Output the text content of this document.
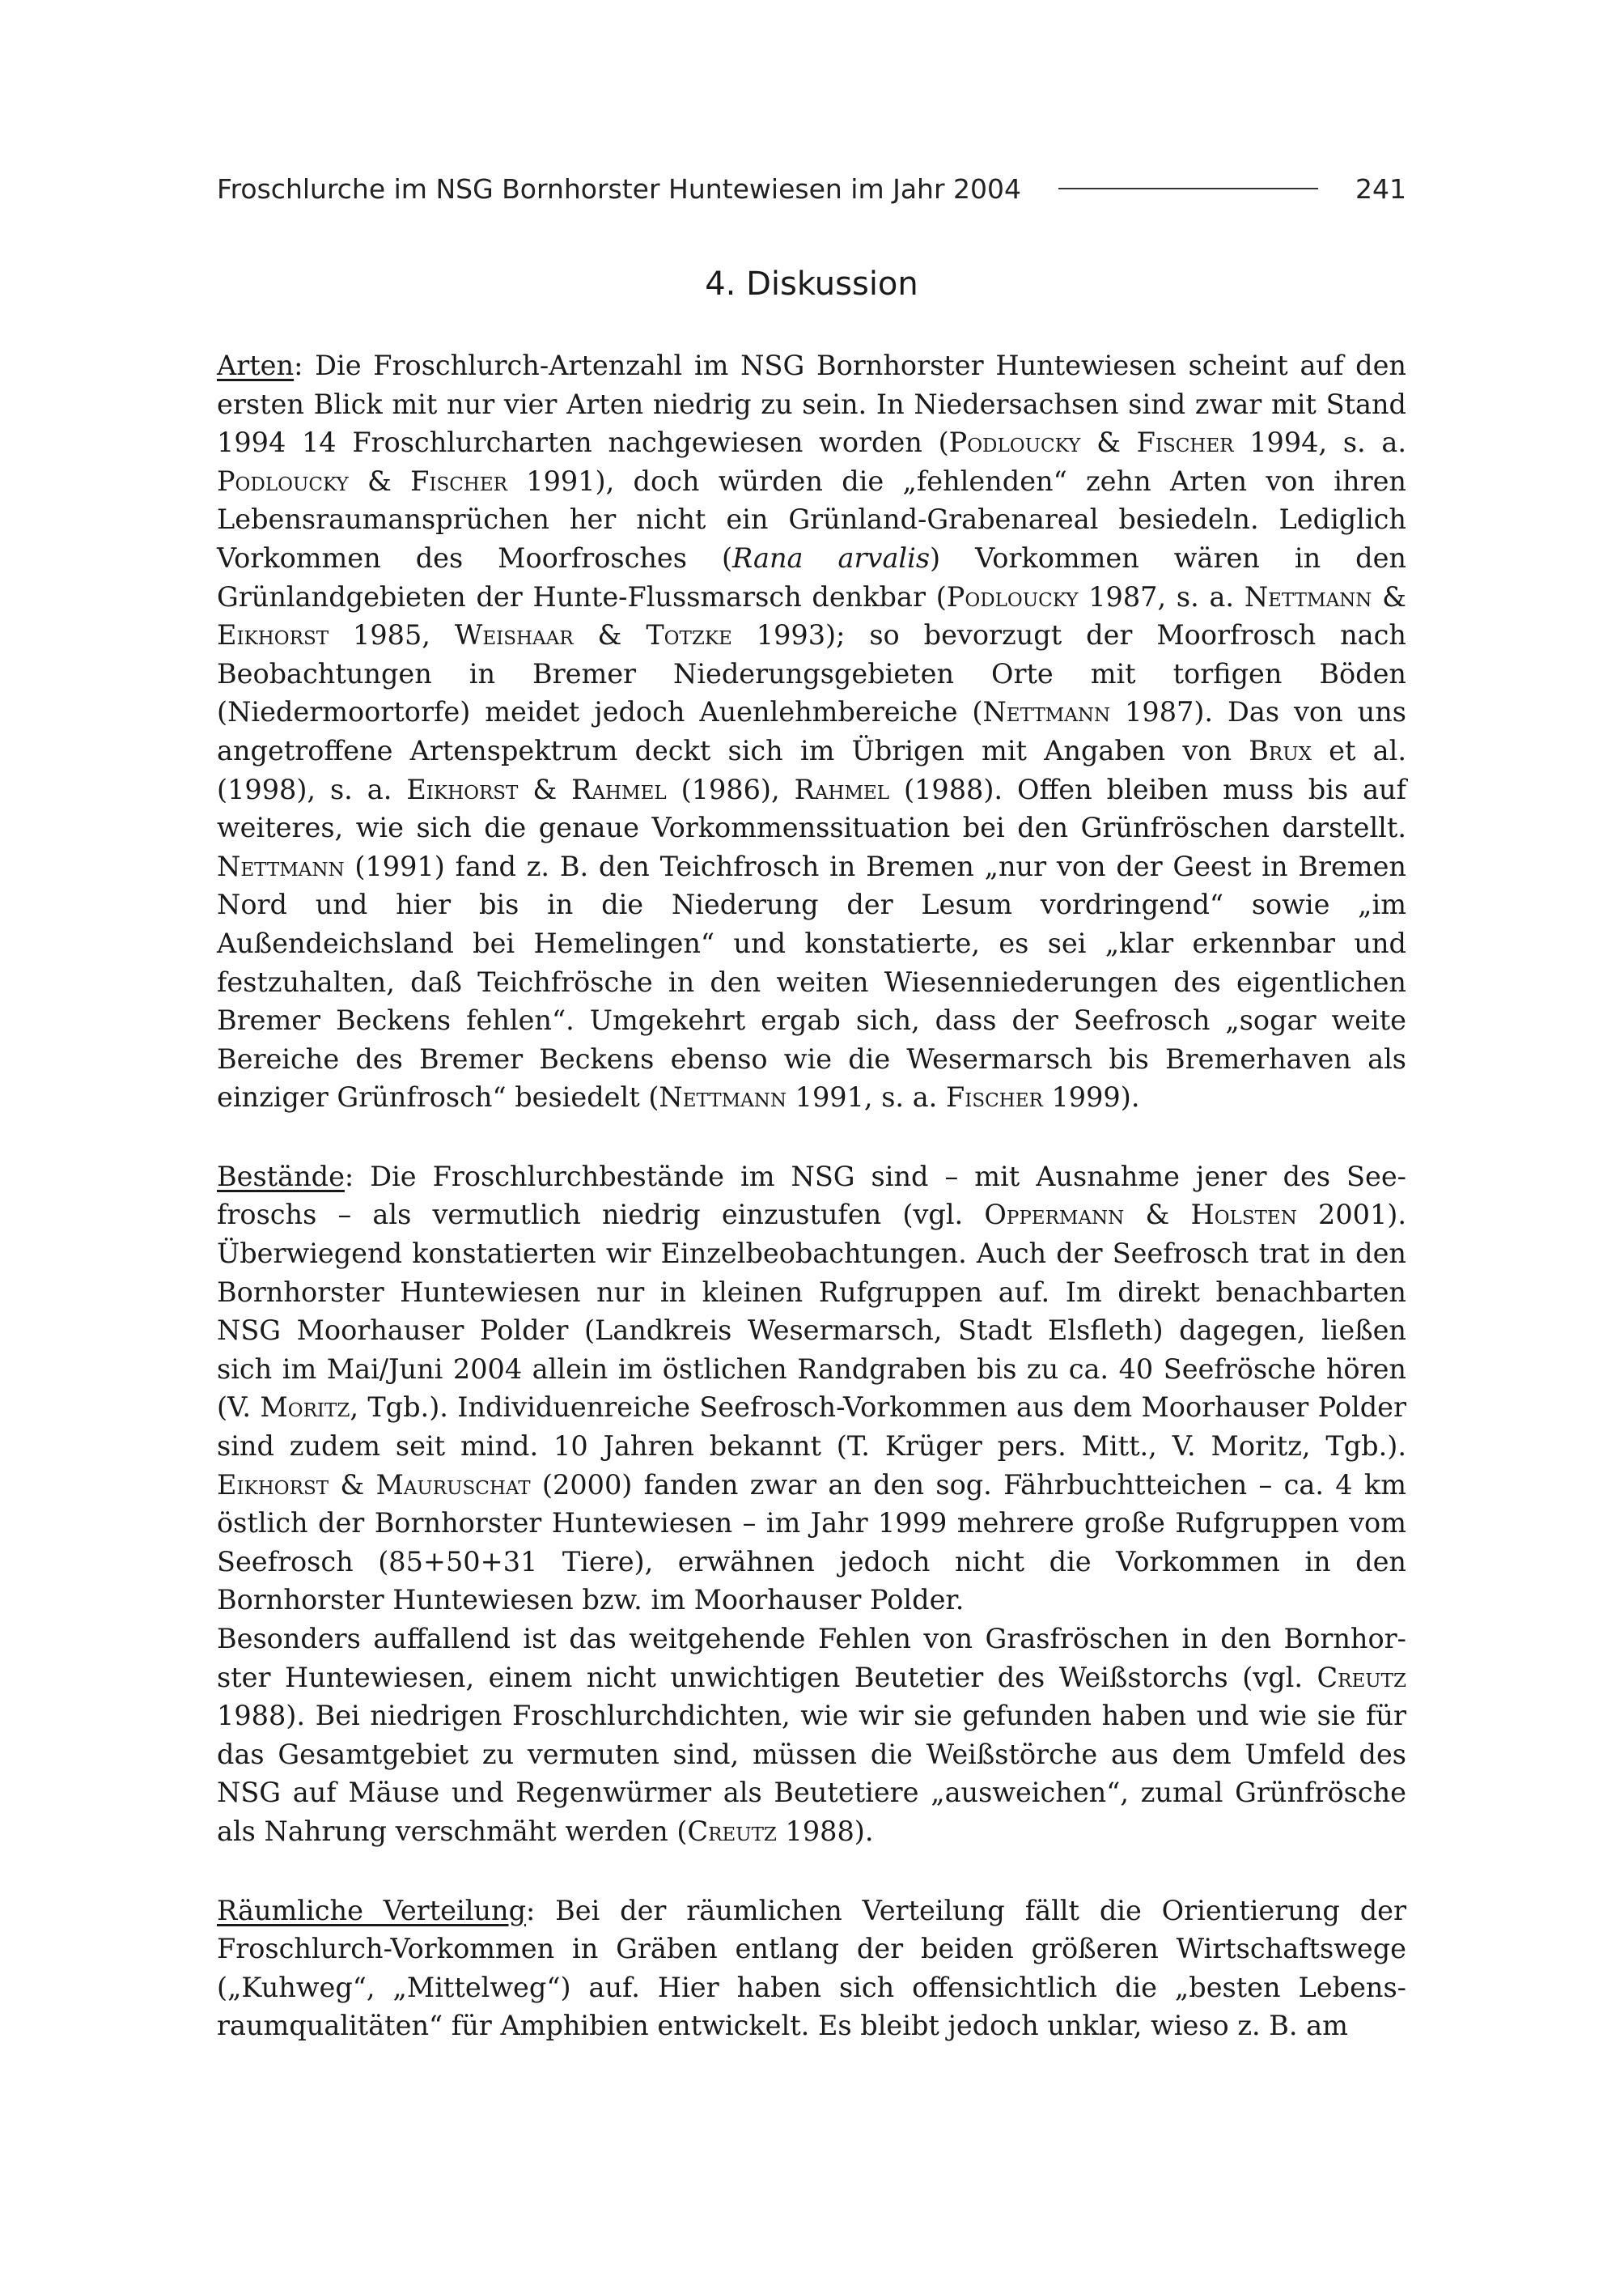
Froschlurche im NSG Bornhorster Huntewiesen im Jahr 2004	241
4. Diskussion

Arten: Die Froschlurch-Artenzahl im NSG Bornhorster Huntewiesen scheint auf den ersten Blick mit nur vier Arten niedrig zu sein. In Niedersachsen sind zwar mit Stand 1994 14 Froschlurcharten nachgewiesen worden (Podloucky & Fischer 1994, s. a. Podloucky & Fischer 1991), doch würden die „fehlenden“ zehn Arten von ihren Lebensraumansprüchen her nicht ein Grünland-Grabenareal besiedeln. Lediglich Vorkommen des Moorfrosches (Rana arvalis) Vorkommen wären in den Grünlandgebieten der Hunte-Flussmarsch denkbar (Podloucky 1987, s. a. Nettmann & Eikhorst 1985, Weishaar & Totzke 1993); so bevorzugt der Moorfrosch nach Beobachtungen in Bremer Niederungsgebieten Orte mit torfigen Böden (Niedermoortorfe) meidet jedoch Auenlehmbereiche (Nettmann 1987). Das von uns angetroffene Artenspektrum deckt sich im Übrigen mit Angaben von Brux et al. (1998), s. a. Eikhorst & Rahmel (1986), Rahmel (1988). Offen bleiben muss bis auf weiteres, wie sich die genaue Vorkommenssituation bei den Grünfröschen darstellt. Nettmann (1991) fand z. B. den Teichfrosch in Bremen „nur von der Geest in Bremen Nord und hier bis in die Niederung der Lesum vordringend“ sowie „im Außendeichsland bei Hemelingen“ und konstatierte, es sei „klar erkennbar und festzuhalten, daß Teichfrösche in den weiten Wiesenniederungen des eigentlichen Bremer Beckens fehlen“. Umgekehrt ergab sich, dass der Seefrosch „sogar weite Bereiche des Bremer Beckens ebenso wie die Wesermarsch bis Bremerhaven als einziger Grünfrosch“ besiedelt (Nettmann 1991, s. a. Fischer 1999).

Bestände: Die Froschlurchbestände im NSG sind – mit Ausnahme jener des Seefroschs – als vermutlich niedrig einzustufen (vgl. Oppermann & Holsten 2001). Überwiegend konstatierten wir Einzelbeobachtungen. Auch der Seefrosch trat in den Bornhorster Huntewiesen nur in kleinen Rufgruppen auf. Im direkt benachbarten NSG Moorhauser Polder (Landkreis Wesermarsch, Stadt Elsfleth) dagegen, ließen sich im Mai/Juni 2004 allein im östlichen Randgraben bis zu ca. 40 Seefrösche hören (V. Moritz, Tgb.). Individuenreiche Seefrosch-Vorkommen aus dem Moorhauser Polder sind zudem seit mind. 10 Jahren bekannt (T. Krüger pers. Mitt., V. Moritz, Tgb.). Eikhorst & Mauruschat (2000) fanden zwar an den sog. Fährbuchtteichen – ca. 4 km östlich der Bornhorster Huntewiesen – im Jahr 1999 mehrere große Rufgruppen vom Seefrosch (85+50+31 Tiere), erwähnen jedoch nicht die Vorkommen in den Bornhorster Huntewiesen bzw. im Moorhauser Polder.

Besonders auffallend ist das weitgehende Fehlen von Grasfröschen in den Bornhorster Huntewiesen, einem nicht unwichtigen Beutetier des Weißstorchs (vgl. Creutz 1988). Bei niedrigen Froschlurchdichten, wie wir sie gefunden haben und wie sie für das Gesamtgebiet zu vermuten sind, müssen die Weißstörche aus dem Umfeld des NSG auf Mäuse und Regenwürmer als Beutetiere „ausweichen“, zumal Grünfrösche als Nahrung verschmäht werden (Creutz 1988).

Räumliche Verteilung: Bei der räumlichen Verteilung fällt die Orientierung der Froschlurch-Vorkommen in Gräben entlang der beiden größeren Wirtschaftswege („Kuhweg“, „Mittelweg“) auf. Hier haben sich offensichtlich die „besten Lebensraumqualitäten“ für Amphibien entwickelt. Es bleibt jedoch unklar, wieso z. B. am
